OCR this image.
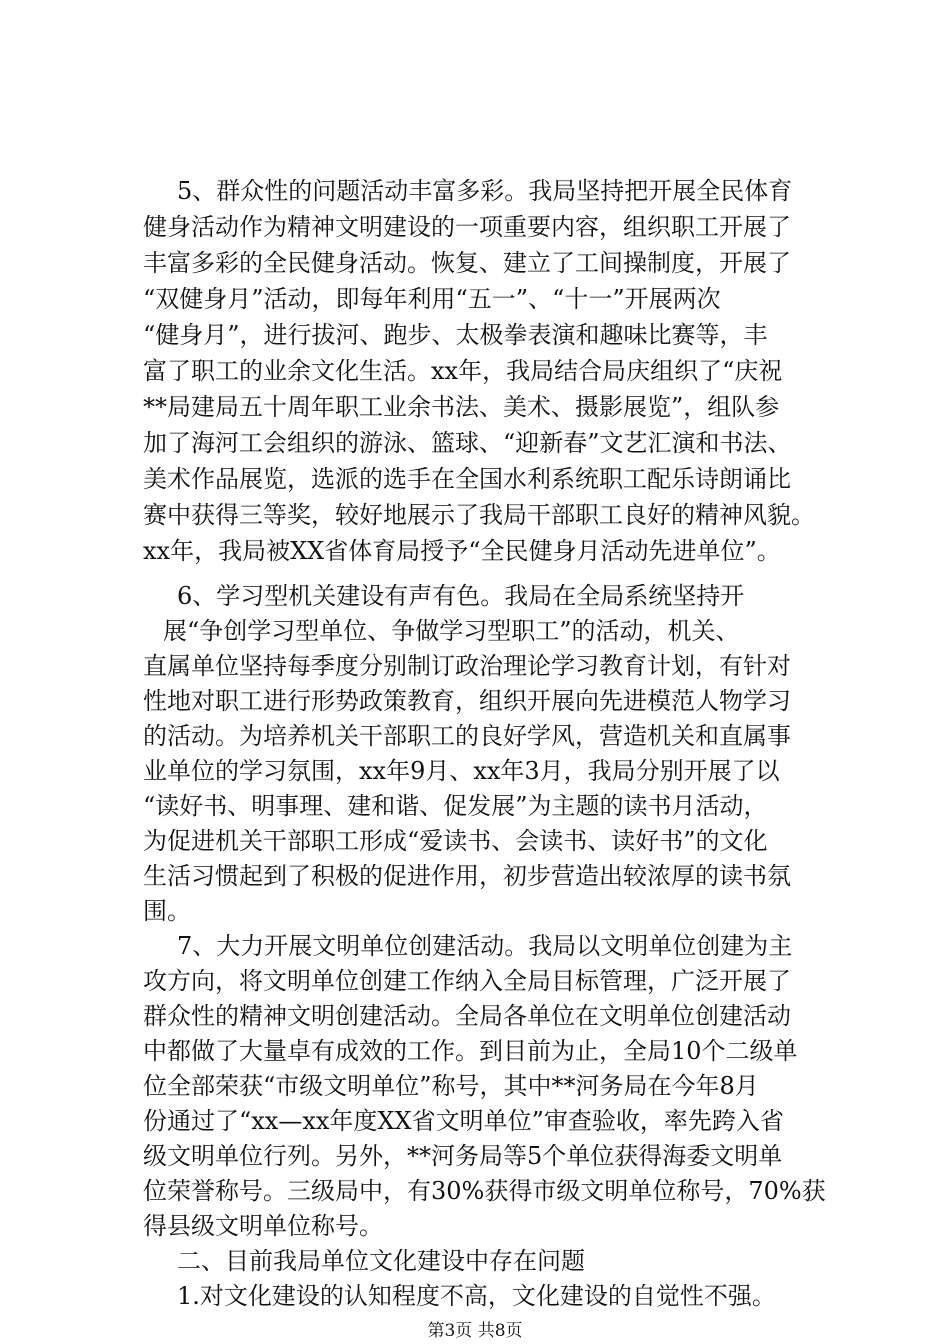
5、群众性的问题活动丰富多彩。我局坚持把开展全民体育
健身活动作为精神文明建设的一项重要内容，组织职工开展了
丰富多彩的全民健身活动。恢复、建立了工间操制度，开展了
“双健身月”活动，即每年利用“五一”、“十一”开展两次
“健身月”，进行拔河、跑步、太极拳表演和趣味比赛等，丰
富了职工的业余文化生活。xx年，我局结合局庆组织了“庆祝
**局建局五十周年职工业余书法、美术、摄影展览”，组队参
加了海河工会组织的游泳、篮球、“迎新春”文艺汇演和书法、
美术作品展览，选派的选手在全国水利系统职工配乐诗朗诵比
赛中获得三等奖，较好地展示了我局干部职工良好的精神风貌。
xx年，我局被XX省体育局授予“全民健身月活动先进单位”。
6、学习型机关建设有声有色。我局在全局系统坚持开
展“争创学习型单位、争做学习型职工”的活动，机关、
直属单位坚持每季度分别制订政治理论学习教育计划，有针对
性地对职工进行形势政策教育，组织开展向先进模范人物学习
的活动。为培养机关干部职工的良好学风，营造机关和直属事
业单位的学习氛围，xx年9月、xx年3月，我局分别开展了以
“读好书、明事理、建和谐、促发展”为主题的读书月活动，
为促进机关干部职工形成“爱读书、会读书、读好书”的文化
生活习惯起到了积极的促进作用，初步营造出较浓厚的读书氛
围。
7、大力开展文明单位创建活动。我局以文明单位创建为主
攻方向，将文明单位创建工作纳入全局目标管理，广泛开展了
群众性的精神文明创建活动。全局各单位在文明单位创建活动
中都做了大量卓有成效的工作。到目前为止，全局10个二级单
位全部荣获“市级文明单位”称号，其中**河务局在今年8月
份通过了“xx—xx年度XX省文明单位”审查验收，率先跨入省
级文明单位行列。另外，**河务局等5个单位获得海委文明单
位荣誉称号。三级局中，有30%获得市级文明单位称号，70%获
得县级文明单位称号。
二、目前我局单位文化建设中存在问题
1.对文化建设的认知程度不高，文化建设的自觉性不强。
第3页 共8页
